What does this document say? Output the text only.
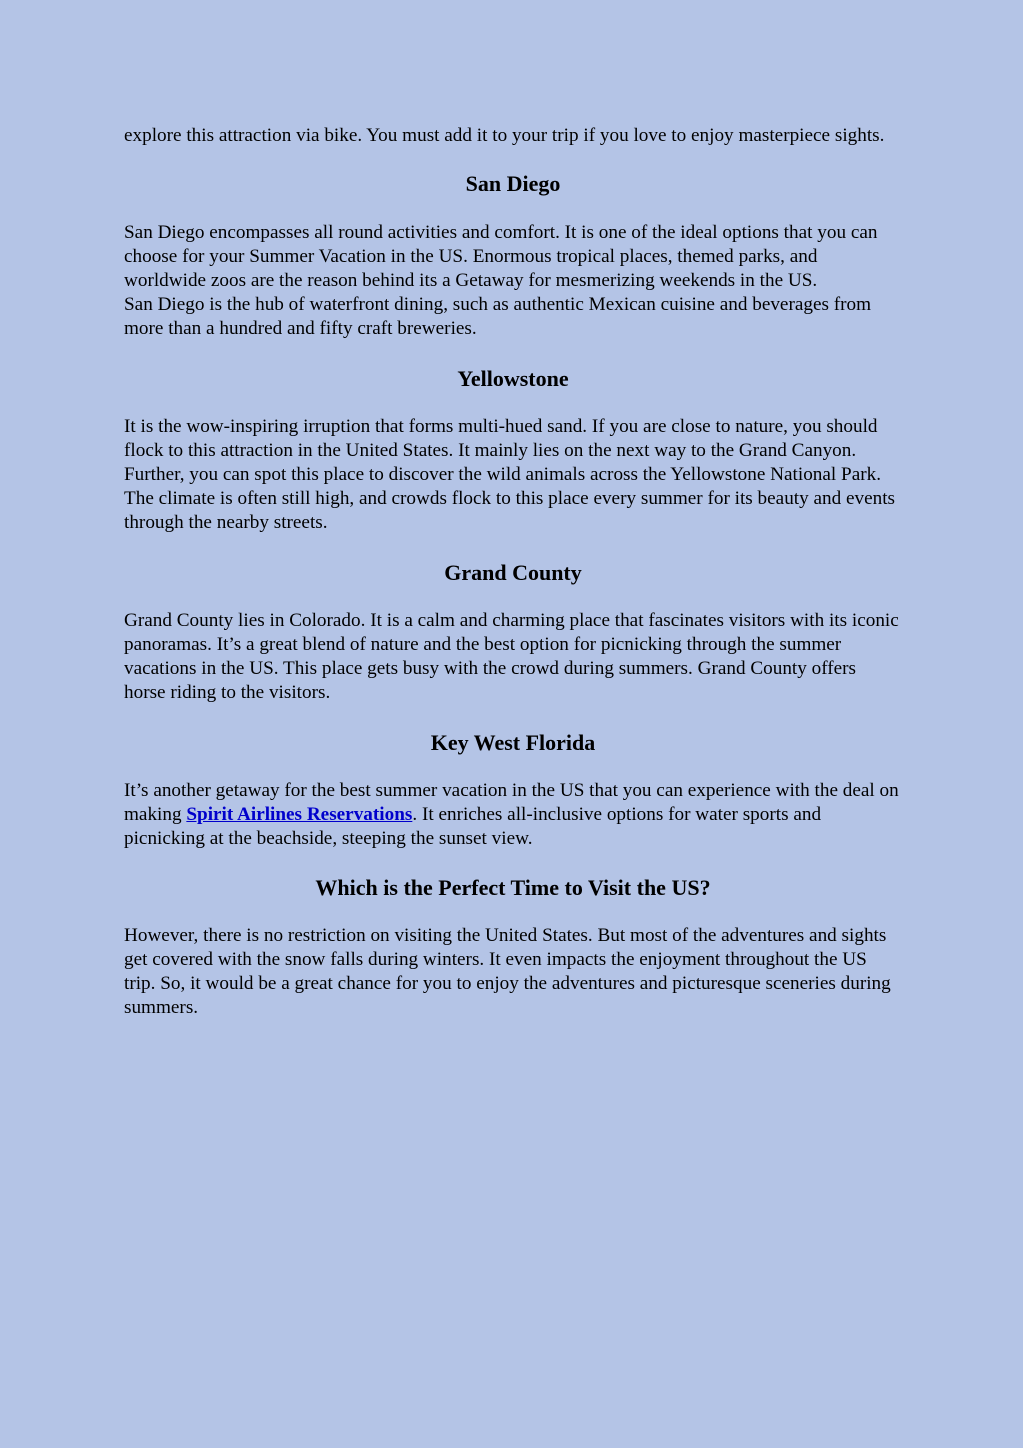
explore this attraction via bike. You must add it to your trip if you love to enjoy masterpiece sights.

San Diego

San Diego encompasses all round activities and comfort. It is one of the ideal options that you can choose for your Summer Vacation in the US. Enormous tropical places, themed parks, and worldwide zoos are the reason behind its a Getaway for mesmerizing weekends in the US.

San Diego is the hub of waterfront dining, such as authentic Mexican cuisine and beverages from more than a hundred and fifty craft breweries.

Yellowstone

It is the wow-inspiring irruption that forms multi-hued sand. If you are close to nature, you should flock to this attraction in the United States. It mainly lies on the next way to the Grand Canyon. Further, you can spot this place to discover the wild animals across the Yellowstone National Park. The climate is often still high, and crowds flock to this place every summer for its beauty and events through the nearby streets.

Grand County

Grand County lies in Colorado. It is a calm and charming place that fascinates visitors with its iconic panoramas. It’s a great blend of nature and the best option for picnicking through the summer vacations in the US. This place gets busy with the crowd during summers. Grand County offers horse riding to the visitors.

Key West Florida

It’s another getaway for the best summer vacation in the US that you can experience with the deal on making Spirit Airlines Reservations. It enriches all-inclusive options for water sports and picnicking at the beachside, steeping the sunset view.

Which is the Perfect Time to Visit the US?

However, there is no restriction on visiting the United States. But most of the adventures and sights get covered with the snow falls during winters. It even impacts the enjoyment throughout the US trip. So, it would be a great chance for you to enjoy the adventures and picturesque sceneries during summers.
